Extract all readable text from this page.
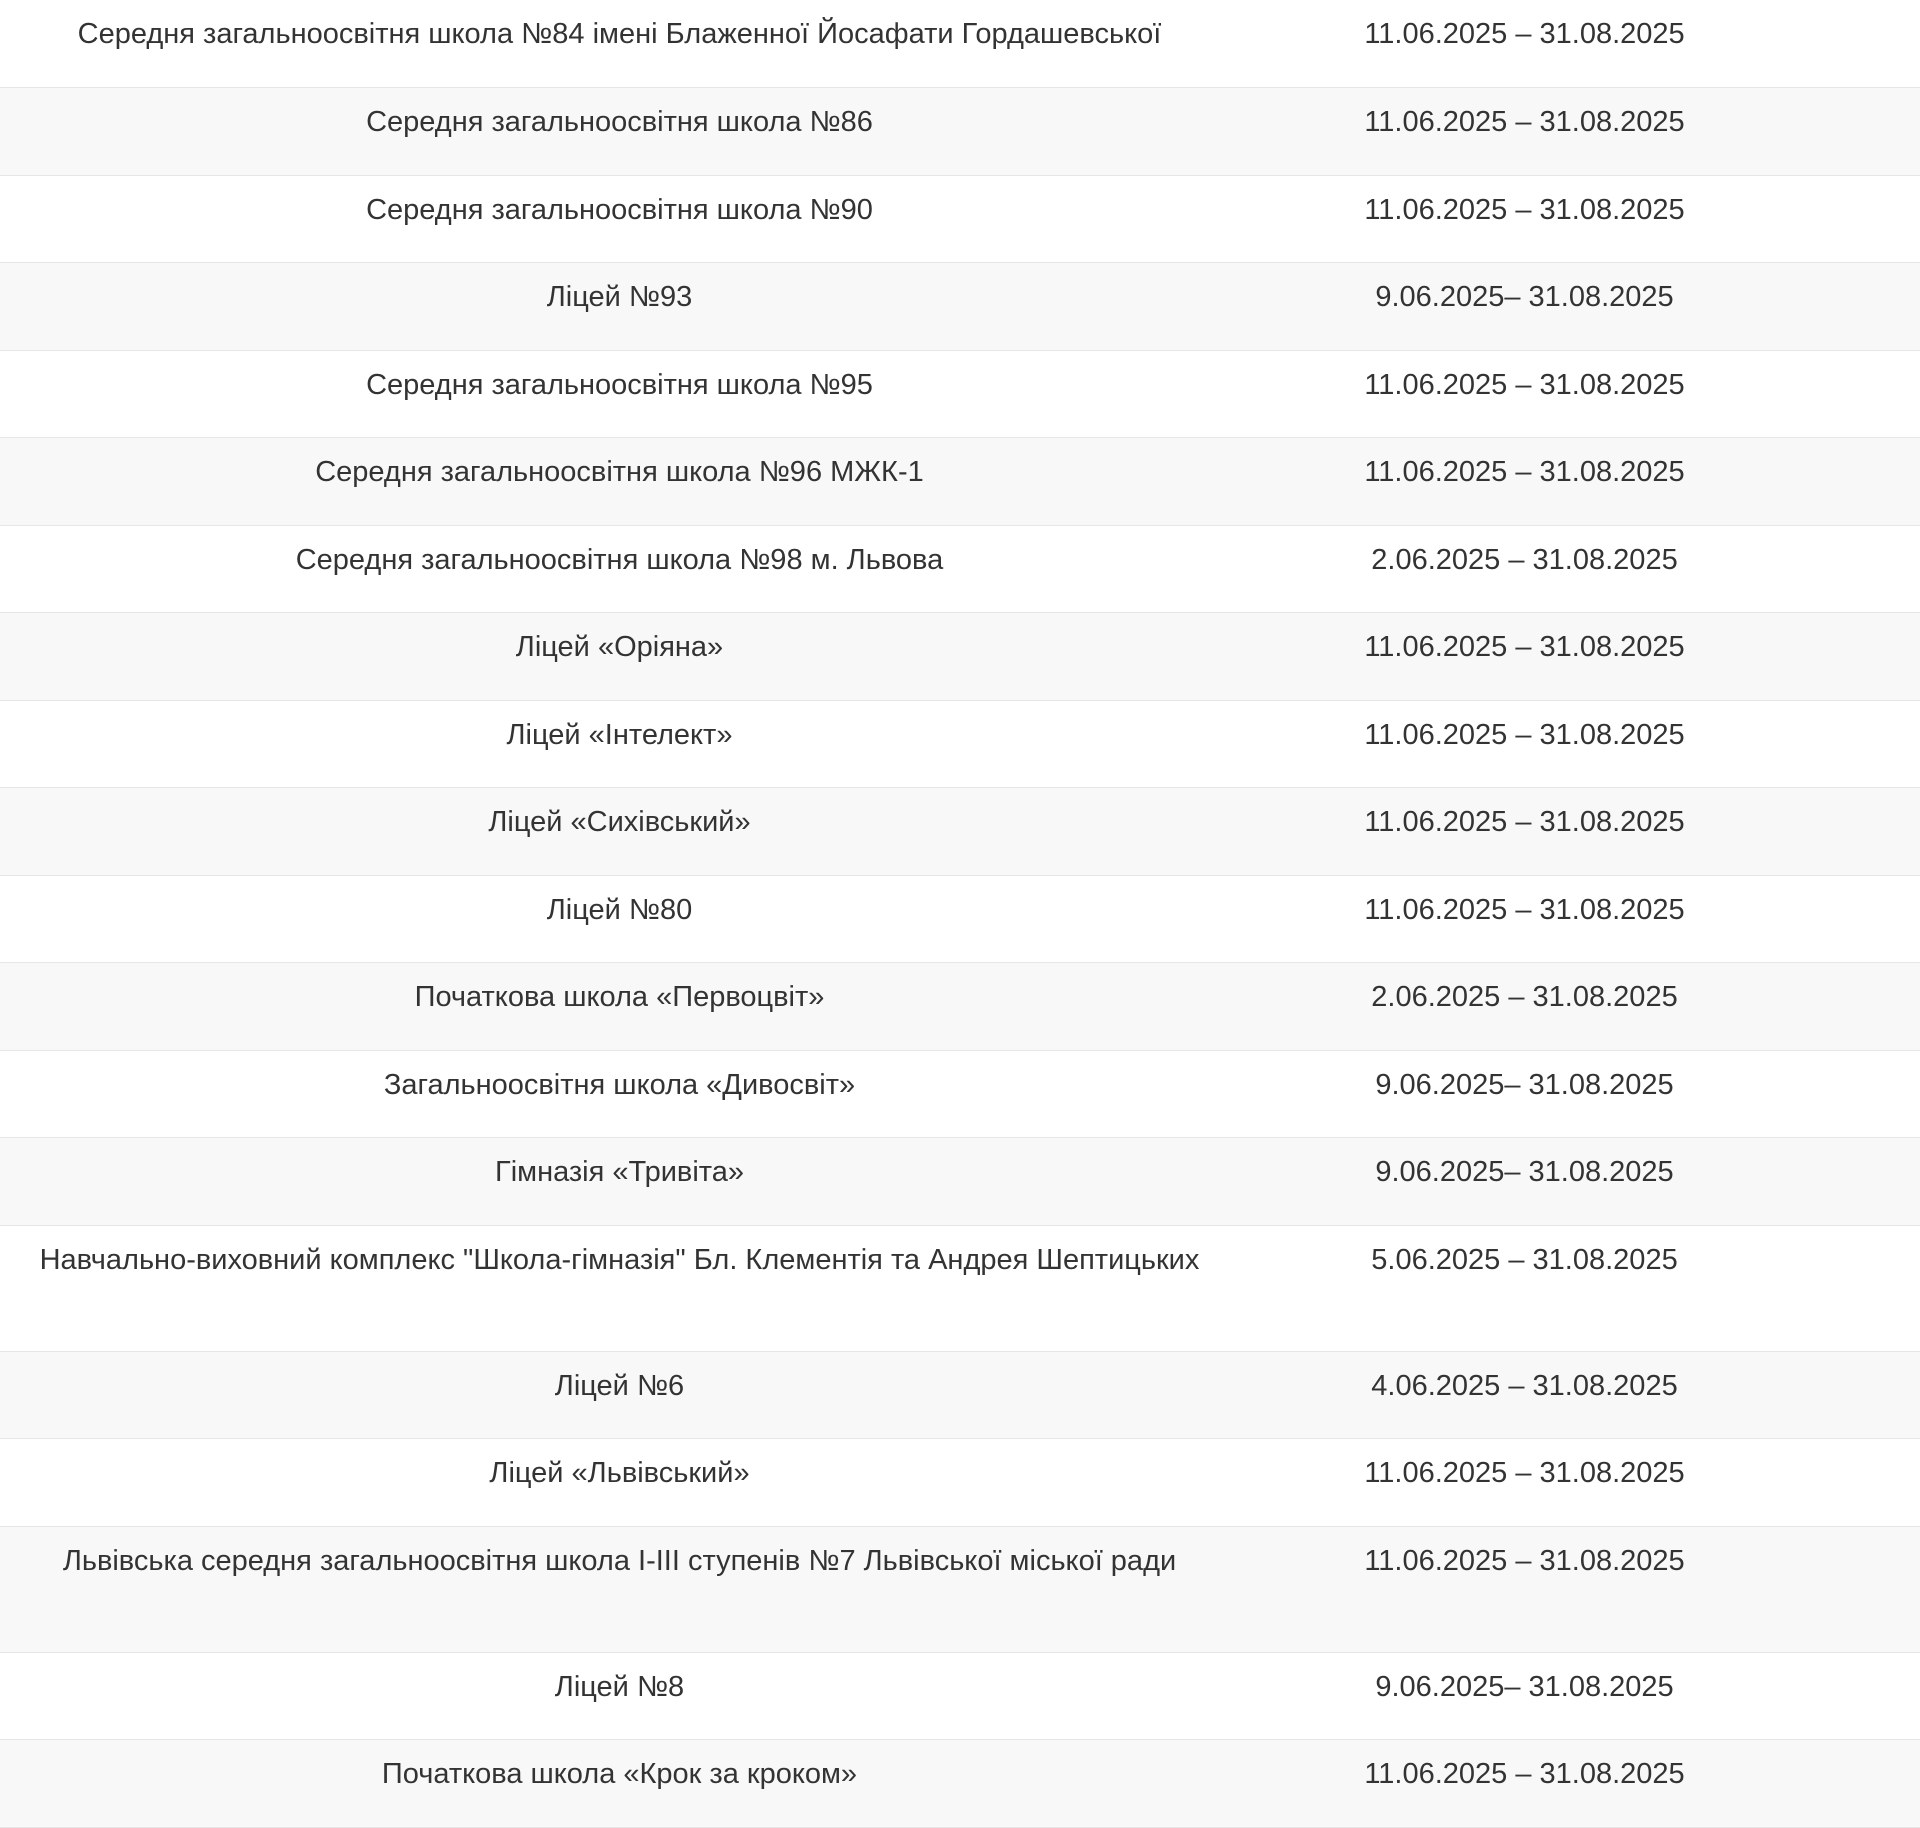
Середня загальноосвітня школа №84 імені Блаженної Йосафати Гордашевської	11.06.2025 – 31.08.2025
Середня загальноосвітня школа №86	11.06.2025 – 31.08.2025
Середня загальноосвітня школа №90	11.06.2025 – 31.08.2025
Ліцей №93	9.06.2025– 31.08.2025
Середня загальноосвітня школа №95	11.06.2025 – 31.08.2025
Середня загальноосвітня школа №96 МЖК-1	11.06.2025 – 31.08.2025
Середня загальноосвітня школа №98 м. Львова	2.06.2025 – 31.08.2025
Ліцей «Оріяна»	11.06.2025 – 31.08.2025
Ліцей «Інтелект»	11.06.2025 – 31.08.2025
Ліцей «Сихівський»	11.06.2025 – 31.08.2025
Ліцей №80	11.06.2025 – 31.08.2025
Початкова школа «Первоцвіт»	2.06.2025 – 31.08.2025
Загальноосвітня школа «Дивосвіт»	9.06.2025– 31.08.2025
Гімназія «Тривіта»	9.06.2025– 31.08.2025
Навчально-виховний комплекс "Школа-гімназія" Бл. Клементія та Андрея Шептицьких	5.06.2025 – 31.08.2025
Ліцей №6	4.06.2025 – 31.08.2025
Ліцей «Львівський»	11.06.2025 – 31.08.2025
Львівська середня загальноосвітня школа І-ІІІ ступенів №7 Львівської міської ради	11.06.2025 – 31.08.2025
Ліцей №8	9.06.2025– 31.08.2025
Початкова школа «Крок за кроком»	11.06.2025 – 31.08.2025
